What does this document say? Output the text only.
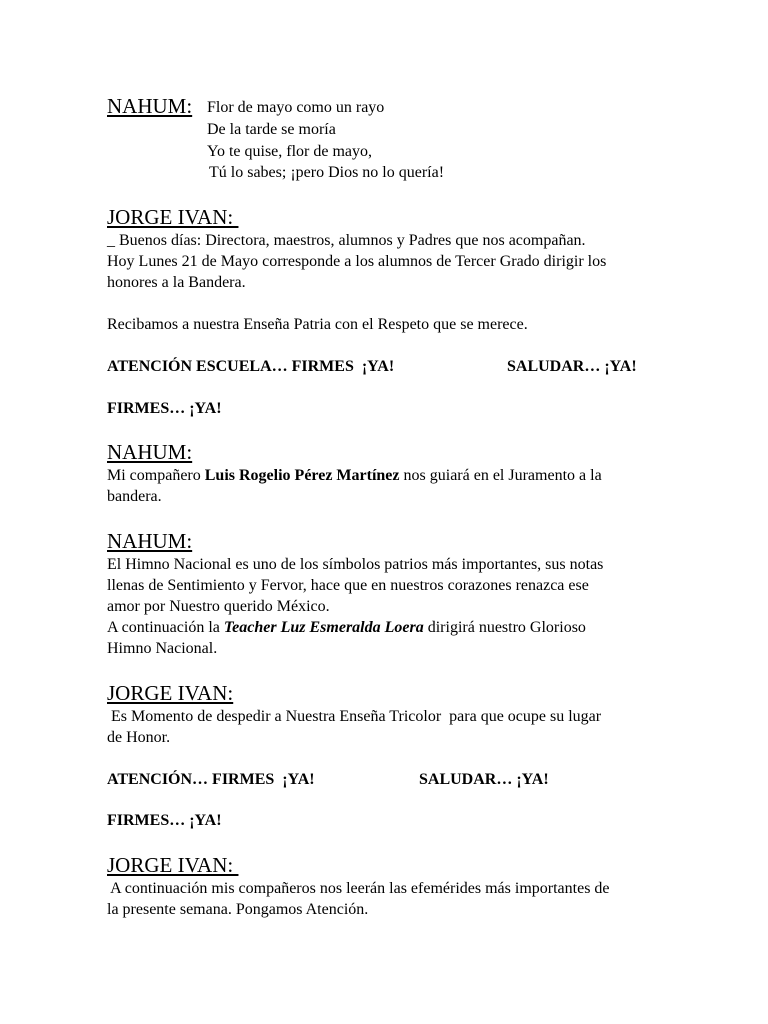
NAHUM: Flor de mayo como un rayo
De la tarde se moría
Yo te quise, flor de mayo,
Tú lo sabes; ¡pero Dios no lo quería!
JORGE IVAN:
_ Buenos días: Directora, maestros, alumnos y Padres que nos acompañan.
Hoy Lunes 21 de Mayo corresponde a los alumnos de Tercer Grado dirigir los
honores a la Bandera.
Recibamos a nuestra Enseña Patria con el Respeto que se merece.
ATENCIÓN ESCUELA… FIRMES  ¡YA!	SALUDAR… ¡YA!
FIRMES… ¡YA!
NAHUM:
Mi compañero Luis Rogelio Pérez Martínez nos guiará en el Juramento a la
bandera.
NAHUM:
El Himno Nacional es uno de los símbolos patrios más importantes, sus notas
llenas de Sentimiento y Fervor, hace que en nuestros corazones renazca ese
amor por Nuestro querido México.
A continuación la Teacher Luz Esmeralda Loera dirigirá nuestro Glorioso
Himno Nacional.
JORGE IVAN:
Es Momento de despedir a Nuestra Enseña Tricolor  para que ocupe su lugar
de Honor.
ATENCIÓN… FIRMES  ¡YA!	SALUDAR… ¡YA!
FIRMES… ¡YA!
JORGE IVAN:
A continuación mis compañeros nos leerán las efemérides más importantes de
la presente semana. Pongamos Atención.
